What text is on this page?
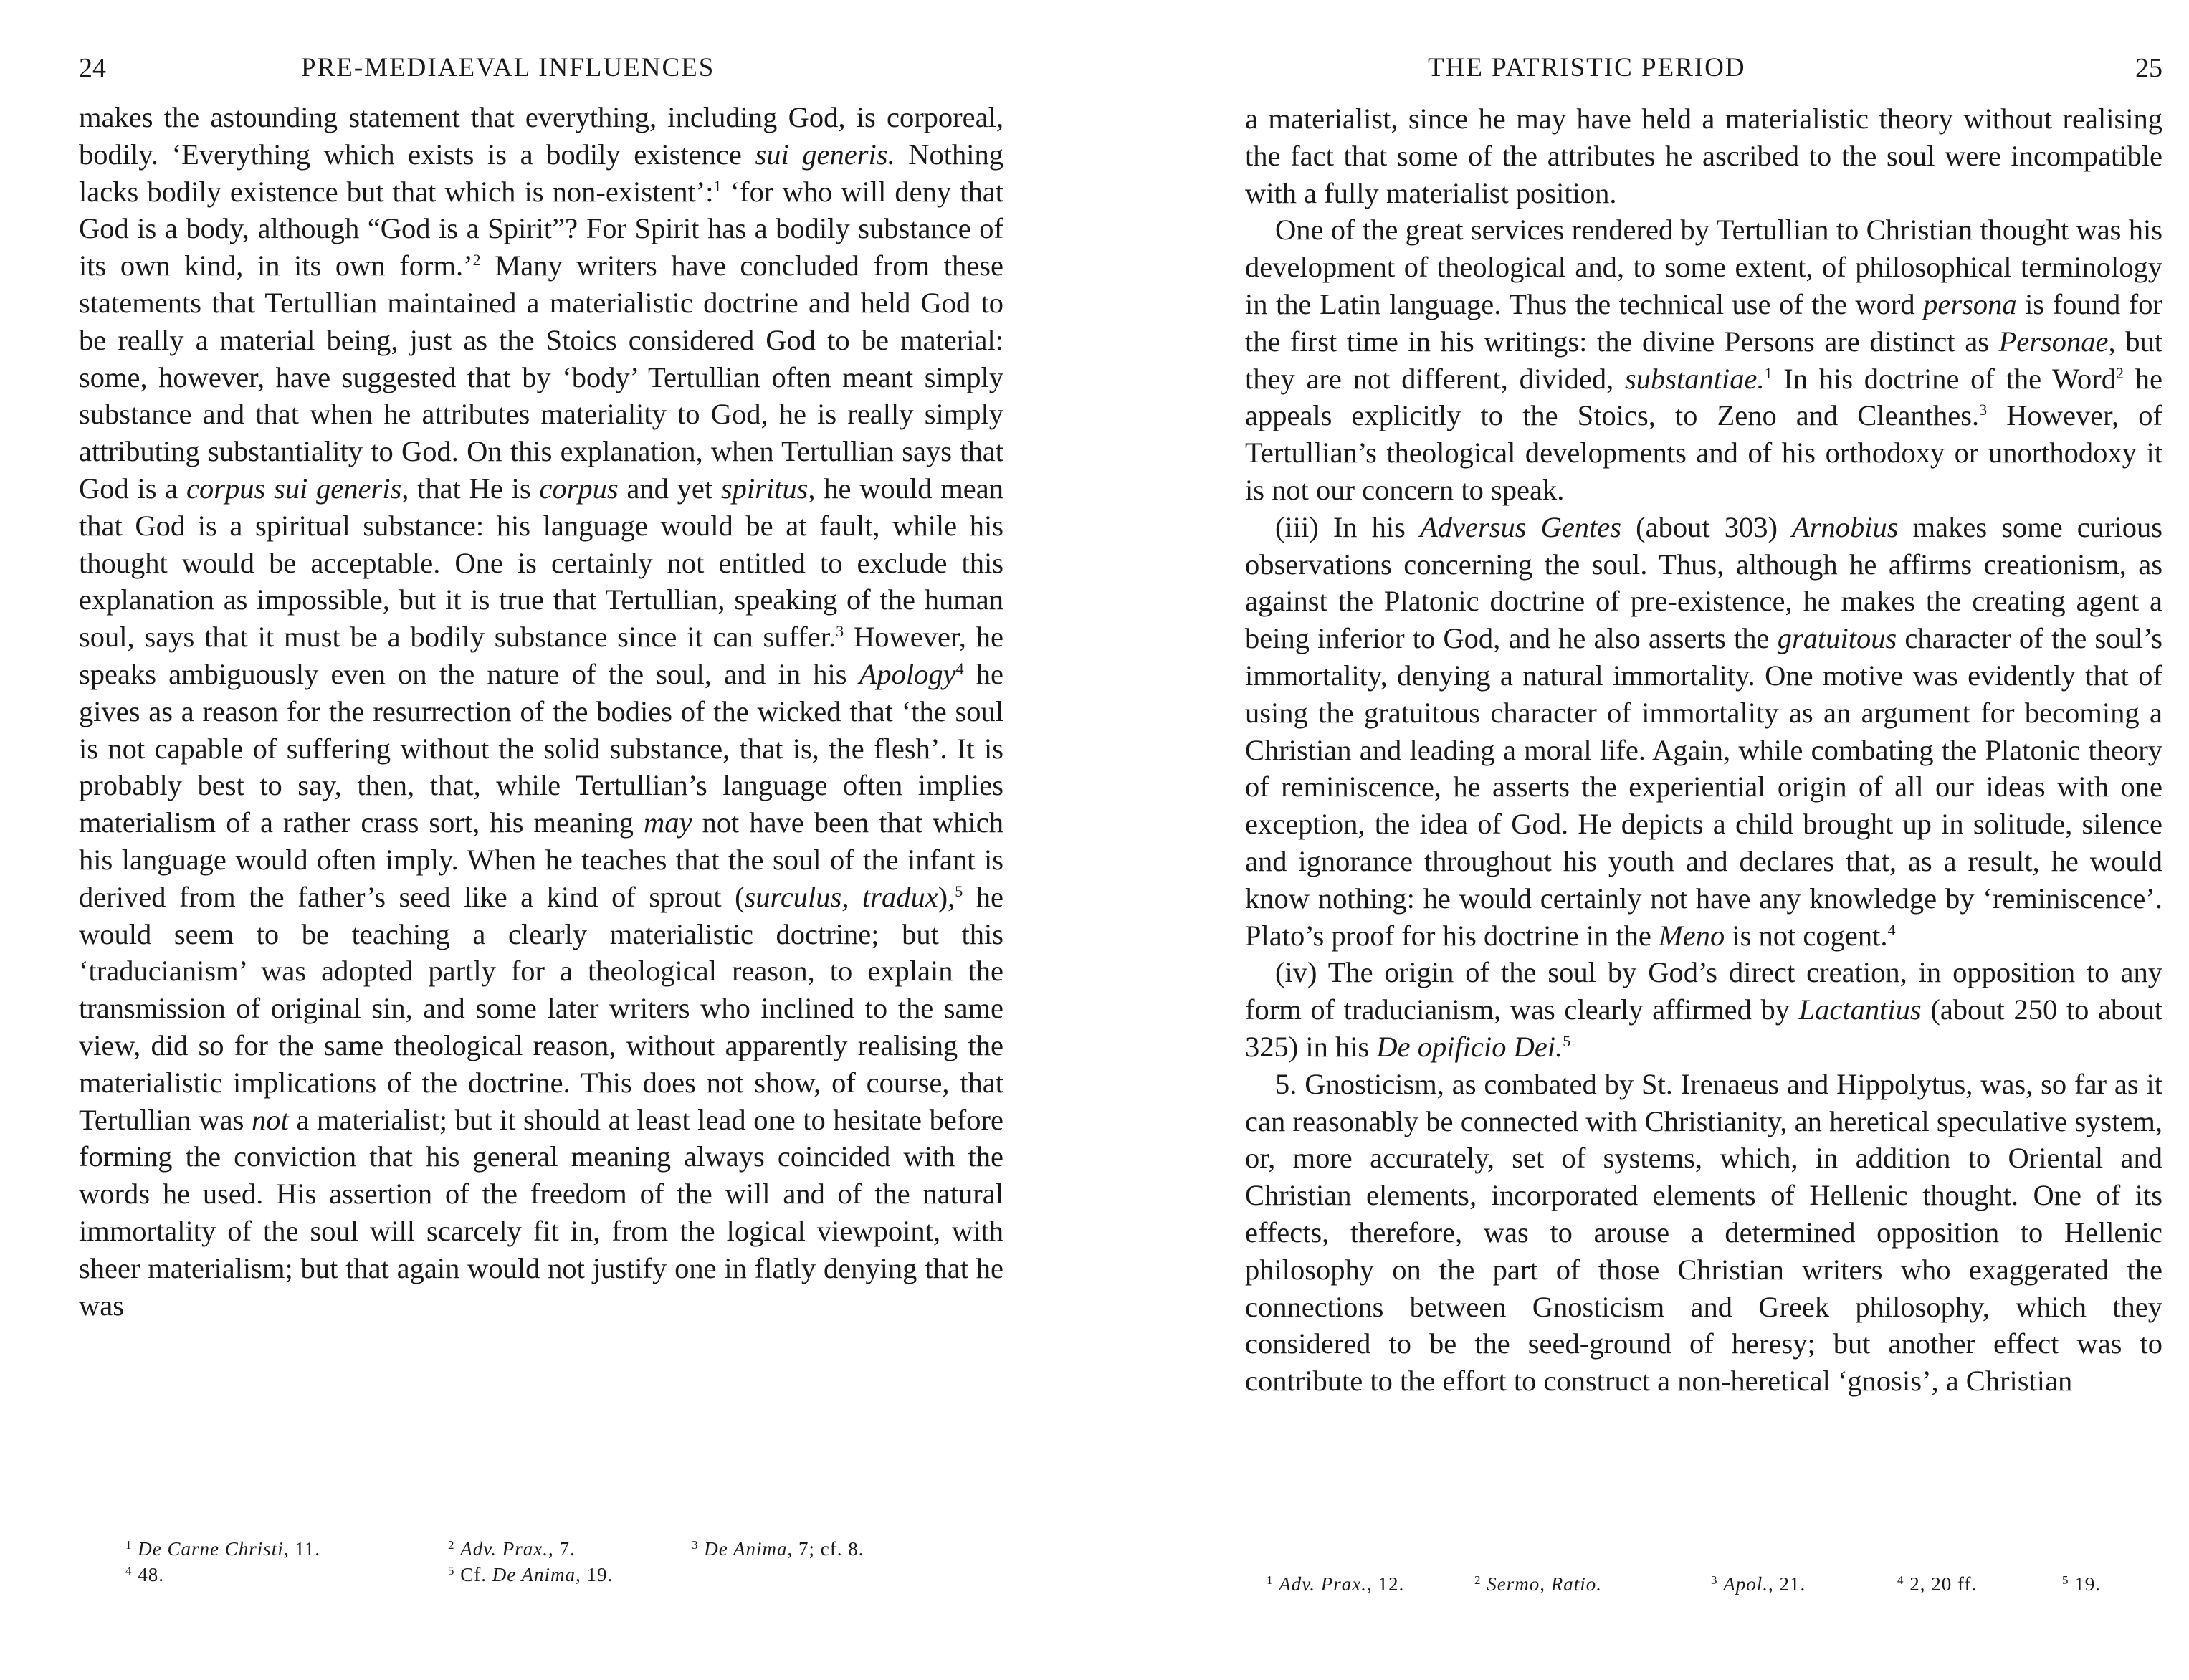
24	PRE-MEDIAEVAL INFLUENCES

makes the astounding statement that everything, including God, is corporeal, bodily. ‘Everything which exists is a bodily existence sui generis. Nothing lacks bodily existence but that which is non-existent’:$^1$ ‘for who will deny that God is a body, although “God is a Spirit”? For Spirit has a bodily substance of its own kind, in its own form.’$^2$ Many writers have concluded from these statements that Tertullian maintained a materialistic doctrine and held God to be really a material being, just as the Stoics considered God to be material: some, however, have suggested that by ‘body’ Tertullian often meant simply substance and that when he attributes materiality to God, he is really simply attributing substantiality to God. On this explanation, when Tertullian says that God is a corpus sui generis, that He is corpus and yet spiritus, he would mean that God is a spiritual substance: his language would be at fault, while his thought would be acceptable. One is certainly not entitled to exclude this explanation as impossible, but it is true that Tertullian, speaking of the human soul, says that it must be a bodily substance since it can suffer.$^3$ However, he speaks ambiguously even on the nature of the soul, and in his Apology$^4$ he gives as a reason for the resurrection of the bodies of the wicked that ‘the soul is not capable of suffering without the solid substance, that is, the flesh’. It is probably best to say, then, that, while Tertullian’s language often implies materialism of a rather crass sort, his meaning may not have been that which his language would often imply. When he teaches that the soul of the infant is derived from the father’s seed like a kind of sprout (surculus, tradux),$^5$ he would seem to be teaching a clearly materialistic doctrine; but this ‘traducianism’ was adopted partly for a theological reason, to explain the transmission of original sin, and some later writers who inclined to the same view, did so for the same theological reason, without apparently realising the materialistic implications of the doctrine. This does not show, of course, that Tertullian was not a materialist; but it should at least lead one to hesitate before forming the conviction that his general meaning always coincided with the words he used. His assertion of the freedom of the will and of the natural immortality of the soul will scarcely fit in, from the logical viewpoint, with sheer materialism; but that again would not justify one in flatly denying that he was

$^1$ De Carne Christi, 11.	$^2$ Adv. Prax., 7.	$^3$ De Anima, 7; cf. 8.
$^4$ 48.	$^5$ Cf. De Anima, 19.
THE PATRISTIC PERIOD	25

a materialist, since he may have held a materialistic theory without realising the fact that some of the attributes he ascribed to the soul were incompatible with a fully materialist position.

One of the great services rendered by Tertullian to Christian thought was his development of theological and, to some extent, of philosophical terminology in the Latin language. Thus the technical use of the word persona is found for the first time in his writings: the divine Persons are distinct as Personae, but they are not different, divided, substantiae.$^1$ In his doctrine of the Word$^2$ he appeals explicitly to the Stoics, to Zeno and Cleanthes.$^3$ However, of Tertullian’s theological developments and of his orthodoxy or unorthodoxy it is not our concern to speak.

(iii) In his Adversus Gentes (about 303) Arnobius makes some curious observations concerning the soul. Thus, although he affirms creationism, as against the Platonic doctrine of pre-existence, he makes the creating agent a being inferior to God, and he also asserts the gratuitous character of the soul’s immortality, denying a natural immortality. One motive was evidently that of using the gratuitous character of immortality as an argument for becoming a Christian and leading a moral life. Again, while combating the Platonic theory of reminiscence, he asserts the experiential origin of all our ideas with one exception, the idea of God. He depicts a child brought up in solitude, silence and ignorance throughout his youth and declares that, as a result, he would know nothing: he would certainly not have any knowledge by ‘reminiscence’. Plato’s proof for his doctrine in the Meno is not cogent.$^4$

(iv) The origin of the soul by God’s direct creation, in opposition to any form of traducianism, was clearly affirmed by Lactantius (about 250 to about 325) in his De opificio Dei.$^5$

5. Gnosticism, as combated by St. Irenaeus and Hippolytus, was, so far as it can reasonably be connected with Christianity, an heretical speculative system, or, more accurately, set of systems, which, in addition to Oriental and Christian elements, incorporated elements of Hellenic thought. One of its effects, therefore, was to arouse a determined opposition to Hellenic philosophy on the part of those Christian writers who exaggerated the connections between Gnosticism and Greek philosophy, which they considered to be the seed-ground of heresy; but another effect was to contribute to the effort to construct a non-heretical ‘gnosis’, a Christian

$^1$ Adv. Prax., 12.	$^2$ Sermo, Ratio.	$^3$ Apol., 21.	$^4$ 2, 20 ff.	$^5$ 19.
